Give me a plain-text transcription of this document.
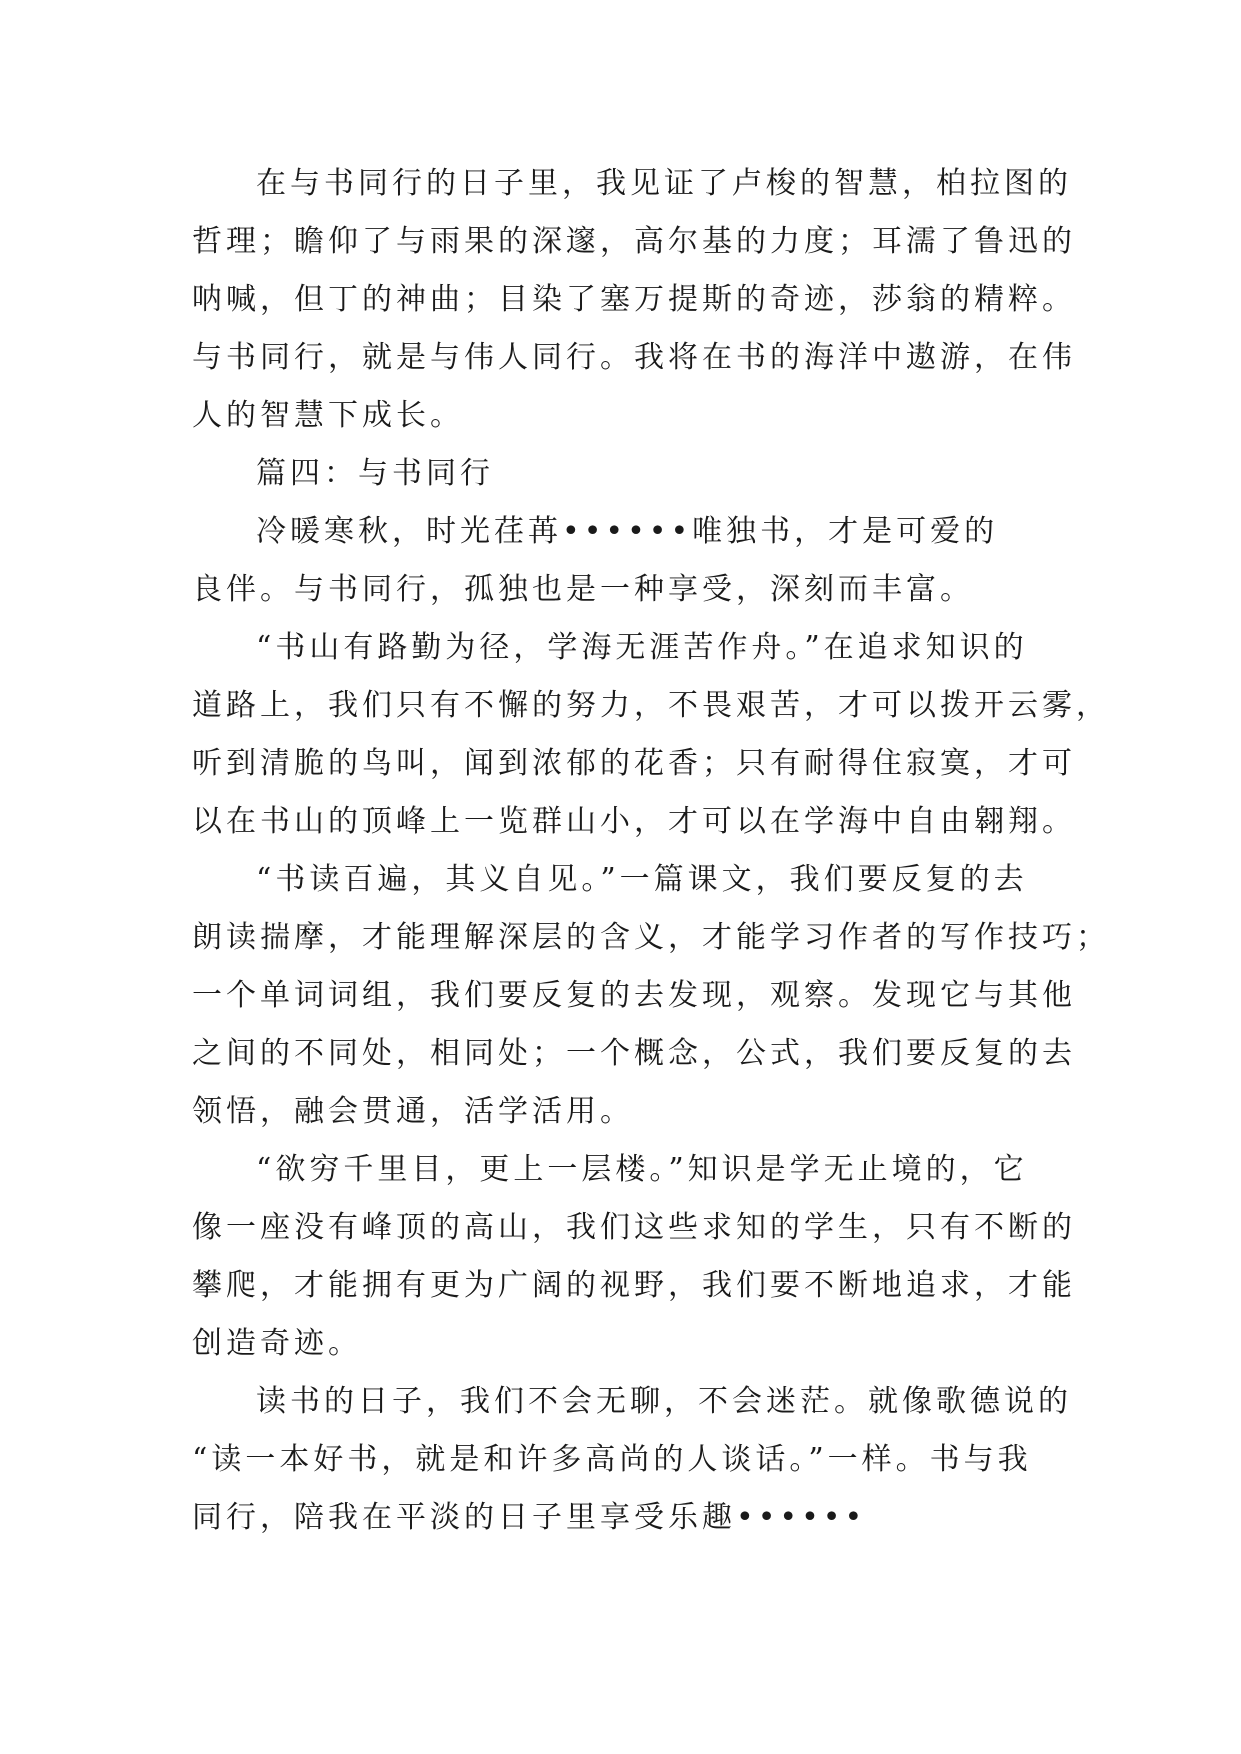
在与书同行的日子里，我见证了卢梭的智慧，柏拉图的
哲理；瞻仰了与雨果的深邃，高尔基的力度；耳濡了鲁迅的
呐喊，但丁的神曲；目染了塞万提斯的奇迹，莎翁的精粹。
与书同行，就是与伟人同行。我将在书的海洋中遨游，在伟
人的智慧下成长。
篇四：与书同行
冷暖寒秋，时光荏苒••••••唯独书，才是可爱的
良伴。与书同行，孤独也是一种享受，深刻而丰富。
“书山有路勤为径，学海无涯苦作舟。”在追求知识的
道路上，我们只有不懈的努力，不畏艰苦，才可以拨开云雾，
听到清脆的鸟叫，闻到浓郁的花香；只有耐得住寂寞，才可
以在书山的顶峰上一览群山小，才可以在学海中自由翱翔。
“书读百遍，其义自见。”一篇课文，我们要反复的去
朗读揣摩，才能理解深层的含义，才能学习作者的写作技巧；
一个单词词组，我们要反复的去发现，观察。发现它与其他
之间的不同处，相同处；一个概念，公式，我们要反复的去
领悟，融会贯通，活学活用。
“欲穷千里目，更上一层楼。”知识是学无止境的，它
像一座没有峰顶的高山，我们这些求知的学生，只有不断的
攀爬，才能拥有更为广阔的视野，我们要不断地追求，才能
创造奇迹。
读书的日子，我们不会无聊，不会迷茫。就像歌德说的
“读一本好书，就是和许多高尚的人谈话。”一样。书与我
同行，陪我在平淡的日子里享受乐趣••••••
